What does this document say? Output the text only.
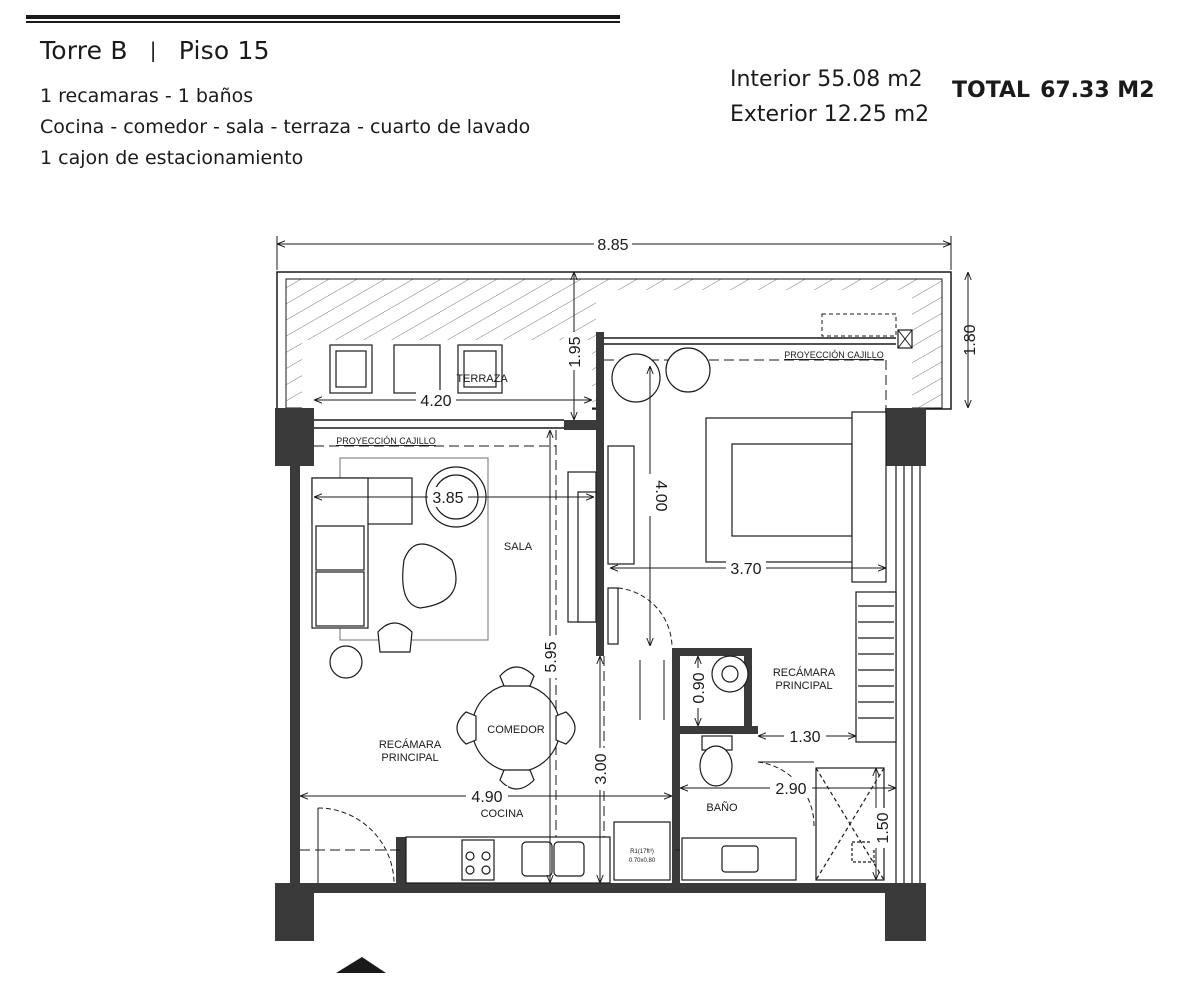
Torre B | Piso 15
1 recamaras - 1 baños
Cocina - comedor - sala - terraza - cuarto de lavado
1 cajon de estacionamiento
Interior 55.08 m2
Exterior 12.25 m2
TOTAL 67.33 M2
8.85
1.80
1.95
4.20
3.85	4.00
3.70
5.95
0.90
1.30
4.90
3.00
2.90
1.50
TERRAZA
PROYECCIÓN CAJILLO
PROYECCIÓN CAJILLO
SALA
COMEDOR
RECÁMARA
PRINCIPAL
RECÁMARA
PRINCIPAL
COCINA	BAÑO
R1(17ft³)
0.70x0.80
